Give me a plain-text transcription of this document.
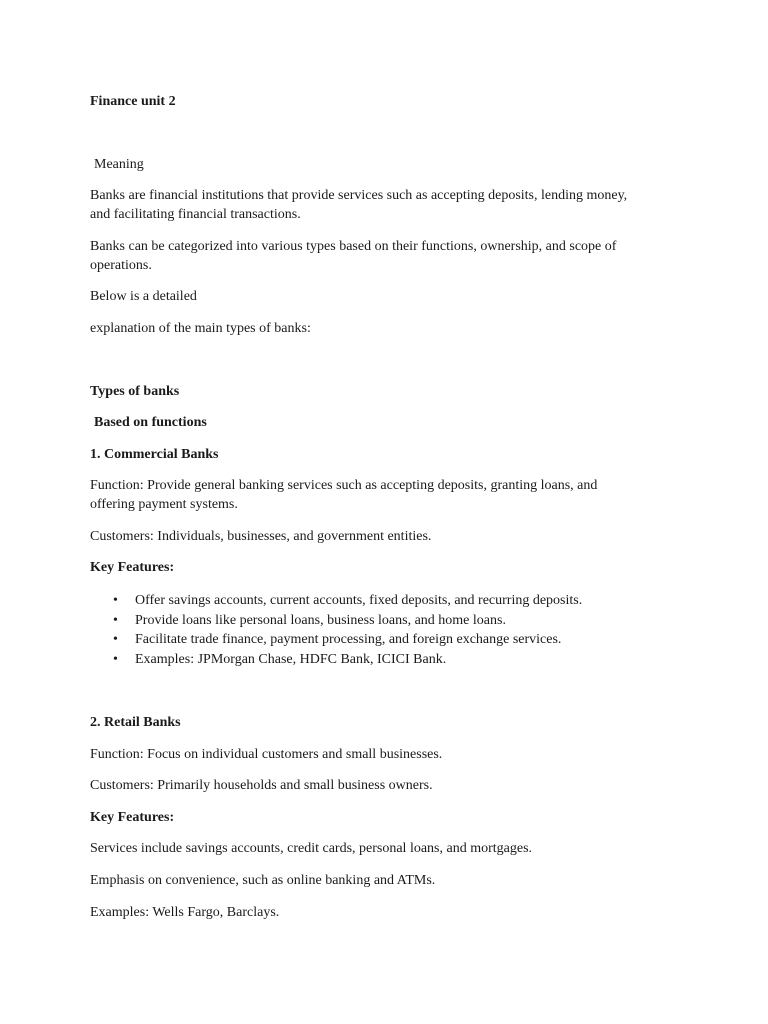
Finance unit 2

Meaning

Banks are financial institutions that provide services such as accepting deposits, lending money,

and facilitating financial transactions.

Banks can be categorized into various types based on their functions, ownership, and scope of

operations.

Below is a detailed

explanation of the main types of banks:

Types of banks

Based on functions

1. Commercial Banks

Function: Provide general banking services such as accepting deposits, granting loans, and

offering payment systems.

Customers: Individuals, businesses, and government entities.

Key Features:

• Offer savings accounts, current accounts, fixed deposits, and recurring deposits.
• Provide loans like personal loans, business loans, and home loans.
• Facilitate trade finance, payment processing, and foreign exchange services.
• Examples: JPMorgan Chase, HDFC Bank, ICICI Bank.

2. Retail Banks

Function: Focus on individual customers and small businesses.

Customers: Primarily households and small business owners.

Key Features:

Services include savings accounts, credit cards, personal loans, and mortgages.

Emphasis on convenience, such as online banking and ATMs.

Examples: Wells Fargo, Barclays.
